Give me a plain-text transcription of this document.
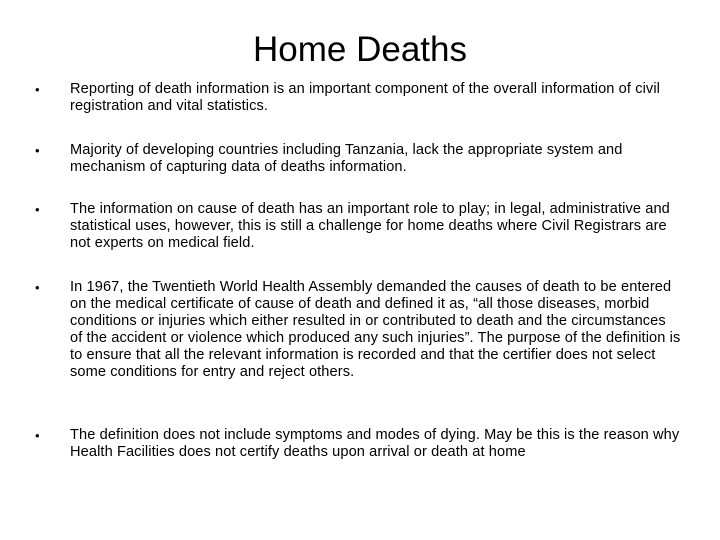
Home Deaths
• Reporting of death information is an important component of the overall information of civil registration and vital statistics.
• Majority of developing countries including Tanzania, lack the appropriate system and mechanism of capturing data of deaths information.
• The information on cause of death has an important role to play; in legal, administrative and statistical uses, however, this is still a challenge for home deaths where Civil Registrars are not experts on medical field.
• In 1967, the Twentieth World Health Assembly demanded the causes of death to be entered on the medical certificate of cause of death and defined it as, “all those diseases, morbid conditions or injuries which either resulted in or contributed to death and the circumstances of the accident or violence which produced any such injuries”. The purpose of the definition is to ensure that all the relevant information is recorded and that the certifier does not select some conditions for entry and reject others.
• The definition does not include symptoms and modes of dying. May be this is the reason why Health Facilities does not certify deaths upon arrival or death at home
